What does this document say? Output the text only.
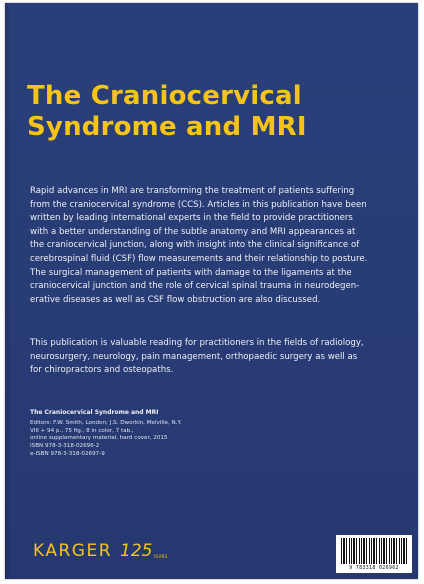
The Craniocervical
Syndrome and MRI
Rapid advances in MRI are transforming the treatment of patients suffering
from the craniocervical syndrome (CCS). Articles in this publication have been
written by leading international experts in the field to provide practitioners
with a better understanding of the subtle anatomy and MRI appearances at
the craniocervical junction, along with insight into the clinical significance of
cerebrospinal fluid (CSF) flow measurements and their relationship to posture.
The surgical management of patients with damage to the ligaments at the
craniocervical junction and the role of cervical spinal trauma in neurodegen-
erative diseases as well as CSF flow obstruction are also discussed.
This publication is valuable reading for practitioners in the fields of radiology,
neurosurgery, neurology, pain management, orthopaedic surgery as well as
for chiropractors and osteopaths.
The Craniocervical Syndrome and MRI
Editors: F.W. Smith, London; J.S. Dworkin, Melville, N.Y.
VIII + 94 p., 75 fig., 8 in color, 7 tab.,
online supplementary material, hard cover, 2015
ISBN 978-3-318-02696-2
e-ISBN 978-3-318-02697-9
KARGER 125 YEARS
9 783318 026962
